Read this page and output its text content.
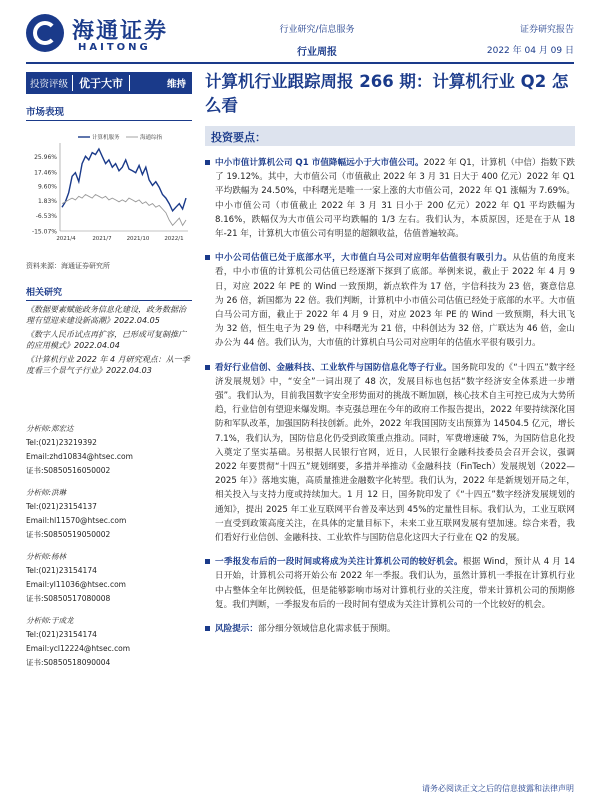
海通证券
HAITONG
行业研究/信息服务
行业周报
证券研究报告
2022 年 04 月 09 日
投资评级	优于大市	维持
市场表现
25.96%
17.46%
9.60%
1.83%
-6.53%
-15.07%
2021/4	2021/7	2021/10	2022/1
计算机服务	海通综指
资料来源：海通证券研究所
相关研究
《数据要素赋能政务信息化建设，政务数据治理有望迎来建设新高潮》2022.04.05
《数字人民币试点再扩容，已形成可复制推广的应用模式》2022.04.04
《计算机行业 2022 年 4 月研究观点：从一季度看三个景气子行业》2022.04.03
分析师:郑宏达
Tel:(021)23219392
Email:zhd10834@htsec.com
证书:S0850516050002
分析师:洪琳
Tel:(021)23154137
Email:hl11570@htsec.com
证书:S0850519050002
分析师:杨林
Tel:(021)23154174
Email:yl11036@htsec.com
证书:S0850517080008
分析师:于成龙
Tel:(021)23154174
Email:ycl12224@htsec.com
证书:S0850518090004
计算机行业跟踪周报 266 期：计算机行业 Q2 怎么看
投资要点：
中小市值计算机公司 Q1 市值降幅远小于大市值公司。2022 年 Q1，计算机（中信）指数下跌了 19.12%。其中，大市值公司（市值截止 2022 年 3 月 31 日大于 400 亿元）2022 年 Q1 平均跌幅为 24.50%，中科曙光是唯一一家上涨的大市值公司，2022 年 Q1 涨幅为 7.69%。中小市值公司（市值截止 2022 年 3 月 31 日小于 200 亿元）2022 年 Q1 平均跌幅为 8.16%，跌幅仅为大市值公司平均跌幅的 1/3 左右。我们认为，本质原因，还是在于从 18 年-21 年，计算机大市值公司有明显的超额收益，估值普遍较高。
中小公司估值已处于底部水平，大市值白马公司对应明年估值很有吸引力。从估值的角度来看，中小市值的计算机公司估值已经逐渐下探到了底部。举例来说，截止于 2022 年 4 月 9 日，对应 2022 年 PE 的 Wind 一致预期，新点软件为 17 倍，宇信科技为 23 倍，赛意信息为 26 倍，新国都为 22 倍。我们判断，计算机中小市值公司估值已经处于底部的水平。大市值白马公司方面，截止于 2022 年 4 月 9 日，对应 2023 年 PE 的 Wind 一致预期，科大讯飞为 32 倍，恒生电子为 29 倍，中科曙光为 21 倍，中科创达为 32 倍，广联达为 46 倍，金山办公为 44 倍。我们认为，大市值的计算机白马公司对应明年的估值水平很有吸引力。
看好行业信创、金融科技、工业软件与国防信息化等子行业。国务院印发的《“十四五”数字经济发展规划》中，“安全”一词出现了 48 次，发展目标也包括“数字经济安全体系进一步增强”。我们认为，目前我国数字安全形势面对的挑战不断加剧，核心技术自主可控已成为大势所趋，行业信创有望迎来爆发期。李克强总理在今年的政府工作报告提出，2022 年要持续深化国防和军队改革，加强国防科技创新。此外，2022 年我国国防支出预算为 14504.5 亿元，增长 7.1%，我们认为，国防信息化仍受到政策重点推动。同时，军费增速破 7%，为国防信息化投入奠定了坚实基础。另根据人民银行官网，近日，人民银行金融科技委员会召开会议，强调 2022 年要贯彻“十四五”规划纲要，多措并举推动《金融科技（FinTech）发展规划（2022—2025 年）》落地实施，高质量推进金融数字化转型。我们认为，2022 年是新规划开局之年，相关投入与支持力度或持续加大。1 月 12 日，国务院印发了《“十四五”数字经济发展规划的通知》，提出 2025 年工业互联网平台普及率达到 45%的定量性目标。我们认为，工业互联网一直受到政策高度关注，在具体的定量目标下，未来工业互联网发展有望加速。综合来看，我们看好行业信创、金融科技、工业软件与国防信息化这四大子行业在 Q2 的发展。
一季报发布后的一段时间或将成为关注计算机公司的较好机会。根据 Wind，预计从 4 月 14 日开始，计算机公司将开始公布 2022 年一季报。我们认为，虽然计算机一季报在计算机行业中占整体全年比例较低，但是能够影响市场对计算机行业的关注度，带来计算机公司的预期修复。我们判断，一季报发布后的一段时间有望成为关注计算机公司的一个比较好的机会。
风险提示：部分细分领域信息化需求低于预期。
请务必阅读正文之后的信息披露和法律声明
